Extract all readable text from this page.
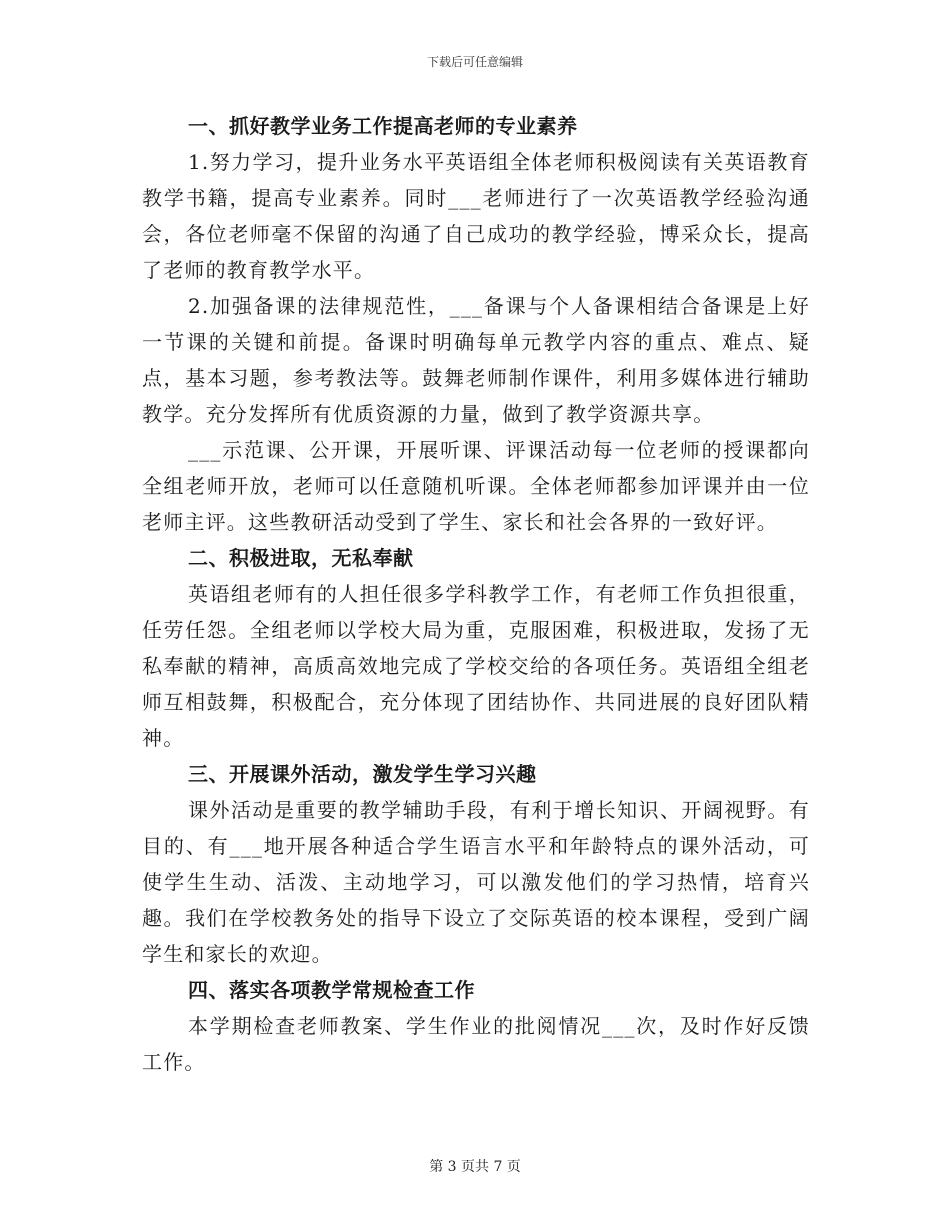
下载后可任意编辑
一、抓好教学业务工作提高老师的专业素养

1.努力学习，提升业务水平英语组全体老师积极阅读有关英语教育教学书籍，提高专业素养。同时___老师进行了一次英语教学经验沟通会，各位老师毫不保留的沟通了自己成功的教学经验，博采众长，提高了老师的教育教学水平。

2.加强备课的法律规范性，___备课与个人备课相结合备课是上好一节课的关键和前提。备课时明确每单元教学内容的重点、难点、疑点，基本习题，参考教法等。鼓舞老师制作课件，利用多媒体进行辅助教学。充分发挥所有优质资源的力量，做到了教学资源共享。

___示范课、公开课，开展听课、评课活动每一位老师的授课都向全组老师开放，老师可以任意随机听课。全体老师都参加评课并由一位老师主评。这些教研活动受到了学生、家长和社会各界的一致好评。

二、积极进取，无私奉献

英语组老师有的人担任很多学科教学工作，有老师工作负担很重，任劳任怨。全组老师以学校大局为重，克服困难，积极进取，发扬了无私奉献的精神，高质高效地完成了学校交给的各项任务。英语组全组老师互相鼓舞，积极配合，充分体现了团结协作、共同进展的良好团队精神。

三、开展课外活动，激发学生学习兴趣

课外活动是重要的教学辅助手段，有利于增长知识、开阔视野。有目的、有___地开展各种适合学生语言水平和年龄特点的课外活动，可使学生生动、活泼、主动地学习，可以激发他们的学习热情，培育兴趣。我们在学校教务处的指导下设立了交际英语的校本课程，受到广阔学生和家长的欢迎。

四、落实各项教学常规检查工作

本学期检查老师教案、学生作业的批阅情况___次，及时作好反馈工作。

第 3 页共 7 页
